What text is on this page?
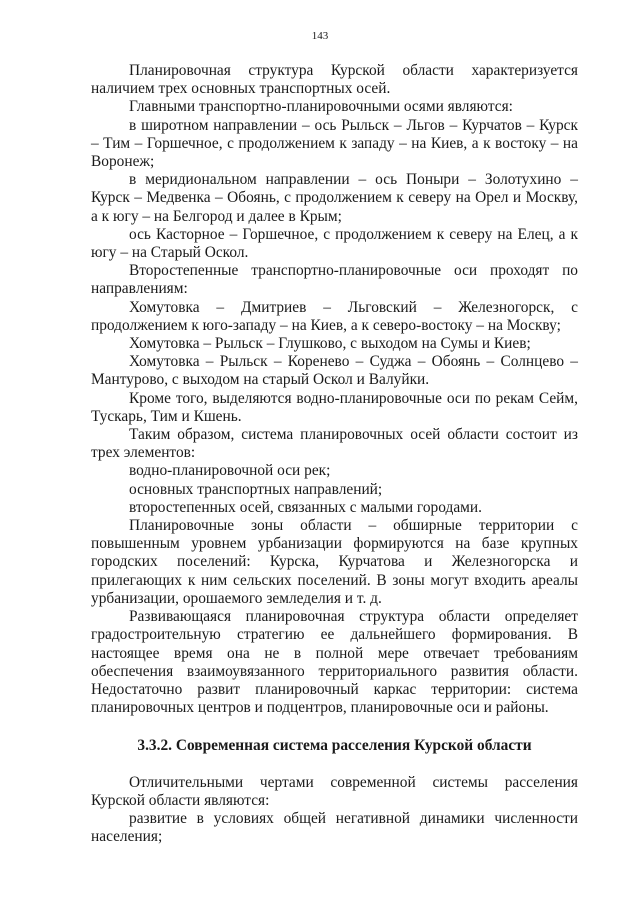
143

Планировочная структура Курской области характеризуется наличием трех основных транспортных осей.

Главными транспортно-планировочными осями являются:

в широтном направлении – ось Рыльск – Льгов – Курчатов – Курск – Тим – Горшечное, с продолжением к западу – на Киев, а к востоку – на Воронеж;

в меридиональном направлении – ось Поныри – Золотухино – Курск – Медвенка – Обоянь, с продолжением к северу на Орел и Москву, а к югу – на Белгород и далее в Крым;

ось Касторное – Горшечное, с продолжением к северу на Елец, а к югу – на Старый Оскол.

Второстепенные транспортно-планировочные оси проходят по направлениям:

Хомутовка – Дмитриев – Льговский – Железногорск, с продолжением к юго-западу – на Киев, а к северо-востоку – на Москву;

Хомутовка – Рыльск – Глушково, с выходом на Сумы и Киев;

Хомутовка – Рыльск – Коренево – Суджа – Обоянь – Солнцево – Мантурово, с выходом на старый Оскол и Валуйки.

Кроме того, выделяются водно-планировочные оси по рекам Сейм, Тускарь, Тим и Кшень.

Таким образом, система планировочных осей области состоит из трех элементов:

водно-планировочной оси рек;

основных транспортных направлений;

второстепенных осей, связанных с малыми городами.

Планировочные зоны области – обширные территории с повышенным уровнем урбанизации формируются на базе крупных городских поселений: Курска, Курчатова и Железногорска и прилегающих к ним сельских поселений. В зоны могут входить ареалы урбанизации, орошаемого земледелия и т. д.

Развивающаяся планировочная структура области определяет градостроительную стратегию ее дальнейшего формирования. В настоящее время она не в полной мере отвечает требованиям обеспечения взаимоувязанного территориального развития области. Недостаточно развит планировочный каркас территории: система планировочных центров и подцентров, планировочные оси и районы.

3.3.2. Современная система расселения Курской области

Отличительными чертами современной системы расселения Курской области являются:

развитие в условиях общей негативной динамики численности населения;
